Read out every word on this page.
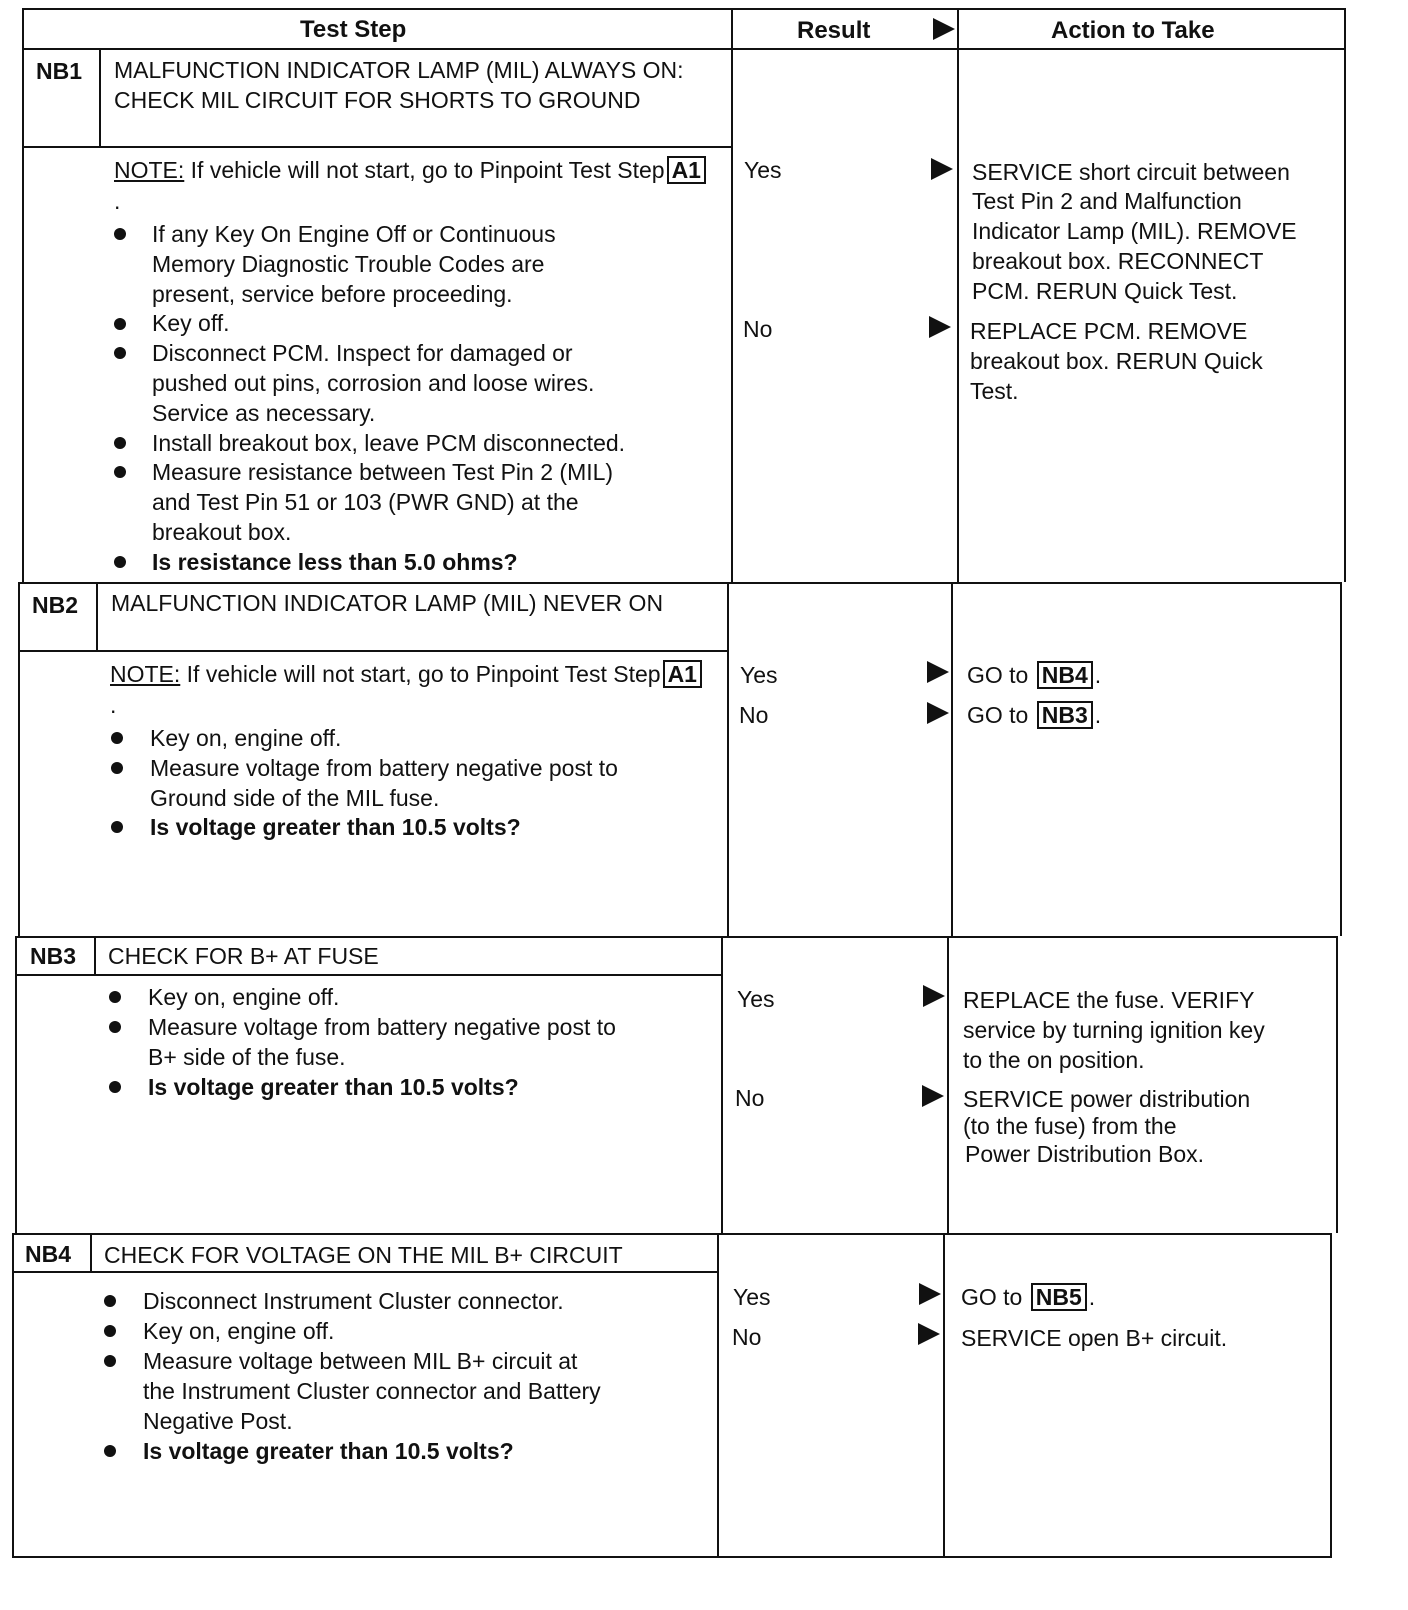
Test Step	Result	Action to Take
NB1 MALFUNCTION INDICATOR LAMP (MIL) ALWAYS ON: CHECK MIL CIRCUIT FOR SHORTS TO GROUND
NOTE: If vehicle will not start, go to Pinpoint Test Step A1.
If any Key On Engine Off or Continuous
Memory Diagnostic Trouble Codes are
present, service before proceeding.
Key off.
Disconnect PCM. Inspect for damaged or
pushed out pins, corrosion and loose wires.
Service as necessary.
Install breakout box, leave PCM disconnected.
Measure resistance between Test Pin 2 (MIL)
and Test Pin 51 or 103 (PWR GND) at the
breakout box.
Is resistance less than 5.0 ohms?
Yes	SERVICE short circuit between
Test Pin 2 and Malfunction
Indicator Lamp (MIL). REMOVE
breakout box. RECONNECT
PCM. RERUN Quick Test.
No	REPLACE PCM. REMOVE
breakout box. RERUN Quick
Test.
NB2 MALFUNCTION INDICATOR LAMP (MIL) NEVER ON
NOTE: If vehicle will not start, go to Pinpoint Test Step A1.
Key on, engine off.
Measure voltage from battery negative post to
Ground side of the MIL fuse.
Is voltage greater than 10.5 volts?
Yes	GO to NB4 .
No	GO to NB3 .
NB3 CHECK FOR B+ AT FUSE
Key on, engine off.
Measure voltage from battery negative post to
B+ side of the fuse.
Is voltage greater than 10.5 volts?
Yes	REPLACE the fuse. VERIFY
service by turning ignition key
to the on position.
No	SERVICE power distribution
(to the fuse) from the
Power Distribution Box.
NB4 CHECK FOR VOLTAGE ON THE MIL B+ CIRCUIT
Disconnect Instrument Cluster connector.
Key on, engine off.
Measure voltage between MIL B+ circuit at
the Instrument Cluster connector and Battery
Negative Post.
Is voltage greater than 10.5 volts?
Yes	GO to NB5 .
No	SERVICE open B+ circuit.
